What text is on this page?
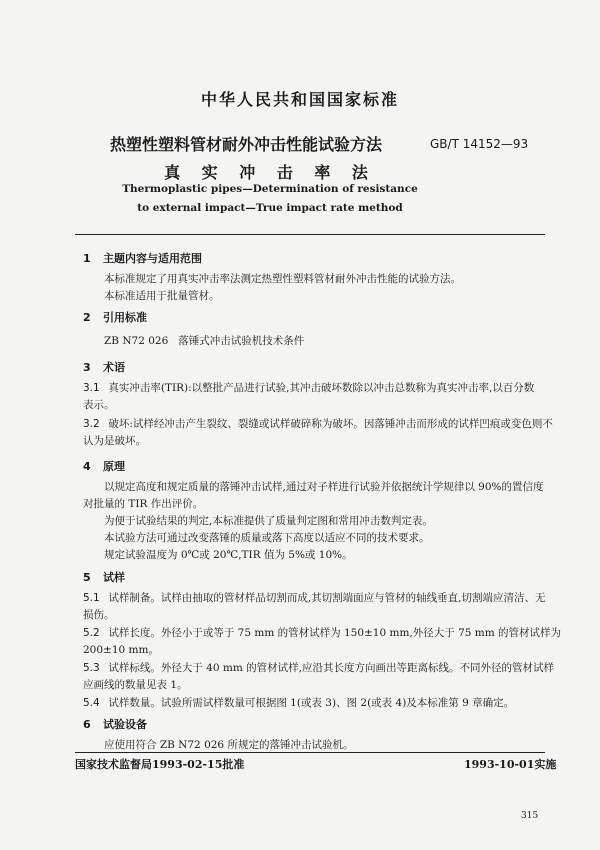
中华人民共和国国家标准
热塑性塑料管材耐外冲击性能试验方法	GB/T 14152—93
真 实 冲 击 率 法
Thermoplastic pipes—Determination of resistance
to external impact—True impact rate method
1 主题内容与适用范围
本标准规定了用真实冲击率法测定热塑性塑料管材耐外冲击性能的试验方法。
本标准适用于批量管材。
2 引用标准
ZB N72 026 落锤式冲击试验机技术条件
3 术语
3.1 真实冲击率(TIR):以整批产品进行试验,其冲击破坏数除以冲击总数称为真实冲击率,以百分数
表示。
3.2 破坏:试样经冲击产生裂纹、裂缝或试样破碎称为破坏。因落锤冲击而形成的试样凹痕或变色则不
认为是破坏。
4 原理
以规定高度和规定质量的落锤冲击试样,通过对子样进行试验并依据统计学规律以 90%的置信度
对批量的 TIR 作出评价。
为便于试验结果的判定,本标准提供了质量判定图和常用冲击数判定表。
本试验方法可通过改变落锤的质量或落下高度以适应不同的技术要求。
规定试验温度为 0℃或 20℃,TIR 值为 5%或 10%。
5 试样
5.1 试样制备。试样由抽取的管材样品切割而成,其切割端面应与管材的轴线垂直,切割端应清洁、无
损伤。
5.2 试样长度。外径小于或等于 75 mm 的管材试样为 150±10 mm,外径大于 75 mm 的管材试样为
200±10 mm。
5.3 试样标线。外径大于 40 mm 的管材试样,应沿其长度方向画出等距离标线。不同外径的管材试样
应画线的数量见表 1。
5.4 试样数量。试验所需试样数量可根据图 1(或表 3)、图 2(或表 4)及本标准第 9 章确定。
6 试验设备
应使用符合 ZB N72 026 所规定的落锤冲击试验机。
国家技术监督局1993-02-15批准	1993-10-01实施
315
